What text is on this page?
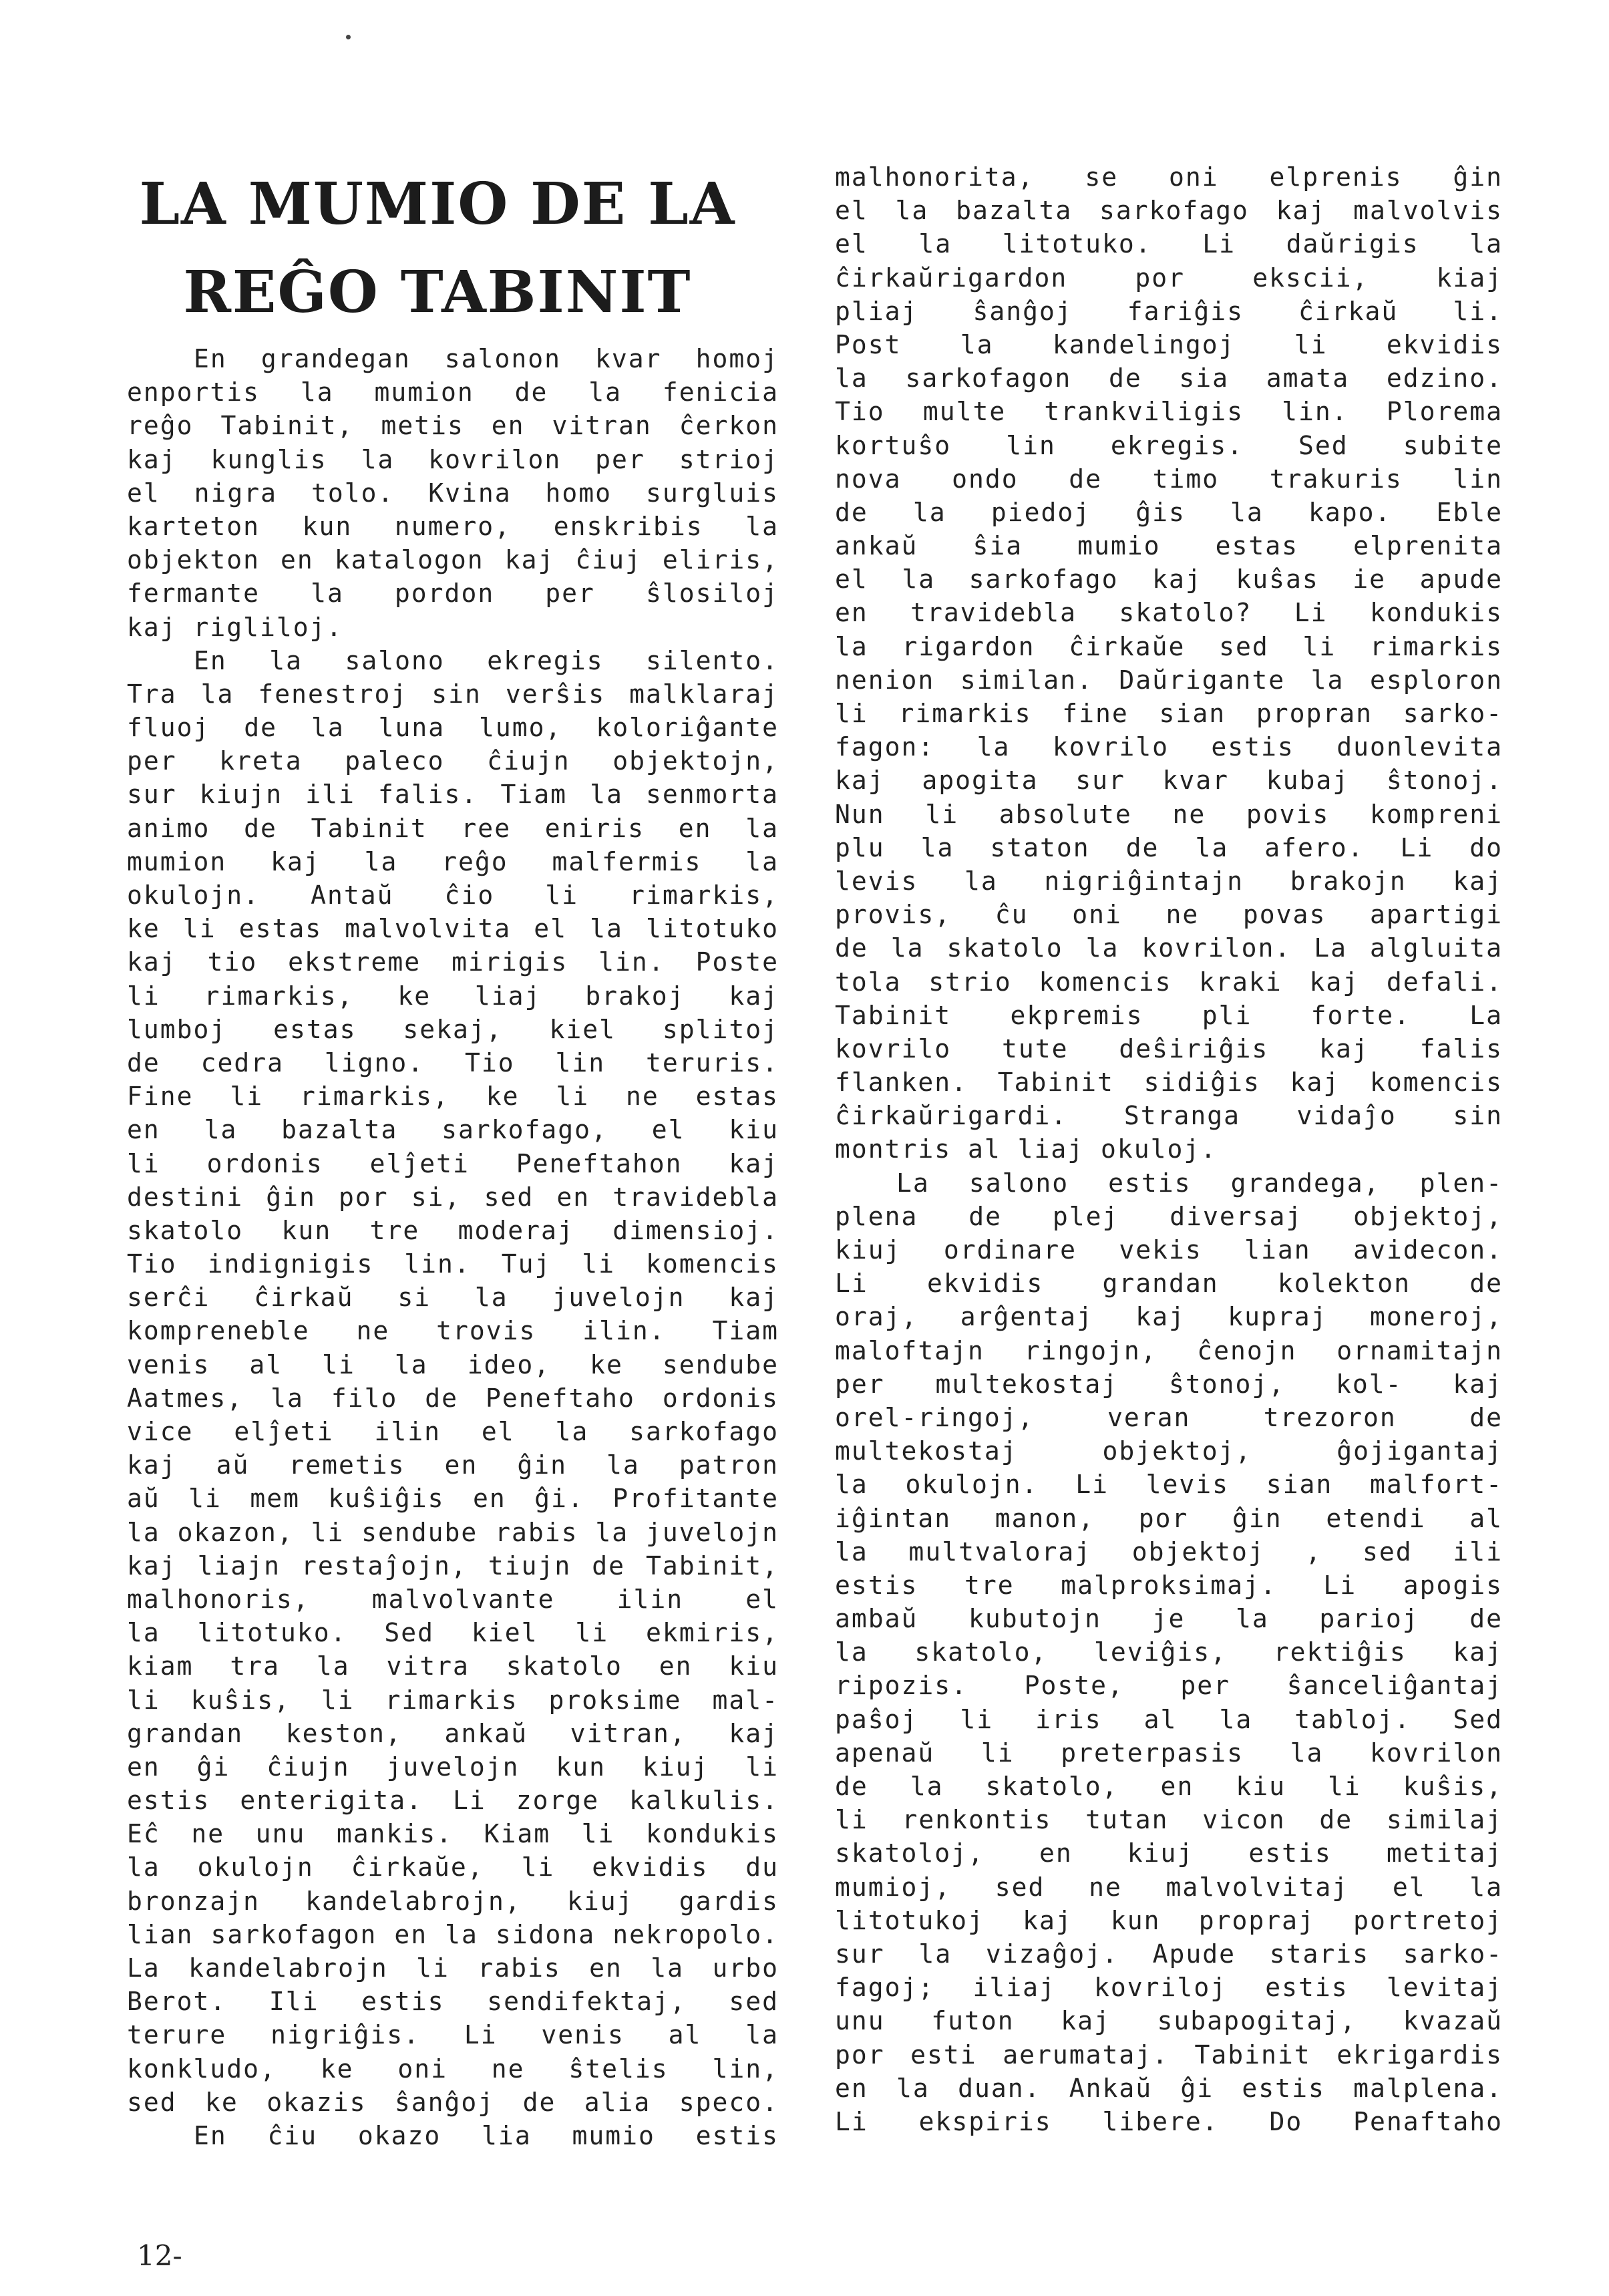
LA MUMIO DE LA
REĜO TABINIT
En grandegan salonon kvar homoj
enportis la mumion de la fenicia
reĝo Tabinit, metis en vitran ĉerkon
kaj kunglis la kovrilon per strioj
el nigra tolo. Kvina homo surgluis
karteton kun numero, enskribis la
objekton en katalogon kaj ĉiuj eliris,
fermante la pordon per ŝlosiloj
kaj rigliloj.
En la salono ekregis silento.
Tra la fenestroj sin verŝis malklaraj
fluoj de la luna lumo, koloriĝante
per kreta paleco ĉiujn objektojn,
sur kiujn ili falis. Tiam la senmorta
animo de Tabinit ree eniris en la
mumion kaj la reĝo malfermis la
okulojn. Antaŭ ĉio li rimarkis,
ke li estas malvolvita el la litotuko
kaj tio ekstreme mirigis lin. Poste
li rimarkis, ke liaj brakoj kaj
lumboj estas sekaj, kiel splitoj
de cedra ligno. Tio lin teruris.
Fine li rimarkis, ke li ne estas
en la bazalta sarkofago, el kiu
li ordonis elĵeti Peneftahon kaj
destini ĝin por si, sed en travidebla
skatolo kun tre moderaj dimensioj.
Tio indignigis lin. Tuj li komencis
serĉi ĉirkaŭ si la juvelojn kaj
kompreneble ne trovis ilin. Tiam
venis al li la ideo, ke sendube
Aatmes, la filo de Peneftaho ordonis
vice elĵeti ilin el la sarkofago
kaj aŭ remetis en ĝin la patron
aŭ li mem kuŝiĝis en ĝi. Profitante
la okazon, li sendube rabis la juvelojn
kaj liajn restaĵojn, tiujn de Tabinit,
malhonoris, malvolvante ilin el
la litotuko. Sed kiel li ekmiris,
kiam tra la vitra skatolo en kiu
li kuŝis, li rimarkis proksime mal-
grandan keston, ankaŭ vitran, kaj
en ĝi ĉiujn juvelojn kun kiuj li
estis enterigita. Li zorge kalkulis.
Eĉ ne unu mankis. Kiam li kondukis
la okulojn ĉirkaŭe, li ekvidis du
bronzajn kandelabrojn, kiuj gardis
lian sarkofagon en la sidona nekropolo.
La kandelabrojn li rabis en la urbo
Berot. Ili estis sendifektaj, sed
terure nigriĝis. Li venis al la
konkludo, ke oni ne ŝtelis lin,
sed ke okazis ŝanĝoj de alia speco.
En ĉiu okazo lia mumio estis
malhonorita, se oni elprenis ĝin
el la bazalta sarkofago kaj malvolvis
el la litotuko. Li daŭrigis la
ĉirkaŭrigardon por ekscii, kiaj
pliaj ŝanĝoj fariĝis ĉirkaŭ li.
Post la kandelingoj li ekvidis
la sarkofagon de sia amata edzino.
Tio multe trankviligis lin. Plorema
kortuŝo lin ekregis. Sed subite
nova ondo de timo trakuris lin
de la piedoj ĝis la kapo. Eble
ankaŭ ŝia mumio estas elprenita
el la sarkofago kaj kuŝas ie apude
en travidebla skatolo? Li kondukis
la rigardon ĉirkaŭe sed li rimarkis
nenion similan. Daŭrigante la esploron
li rimarkis fine sian propran sarko-
fagon: la kovrilo estis duonlevita
kaj apogita sur kvar kubaj ŝtonoj.
Nun li absolute ne povis kompreni
plu la staton de la afero. Li do
levis la nigriĝintajn brakojn kaj
provis, ĉu oni ne povas apartigi
de la skatolo la kovrilon. La algluita
tola strio komencis kraki kaj defali.
Tabinit ekpremis pli forte. La
kovrilo tute deŝiriĝis kaj falis
flanken. Tabinit sidiĝis kaj komencis
ĉirkaŭrigardi. Stranga vidaĵo sin
montris al liaj okuloj.
La salono estis grandega, plen-
plena de plej diversaj objektoj,
kiuj ordinare vekis lian avidecon.
Li ekvidis grandan kolekton de
oraj, arĝentaj kaj kupraj moneroj,
maloftajn ringojn, ĉenojn ornamitajn
per multekostaj ŝtonoj, kol- kaj
orel-ringoj, veran trezoron de
multekostaj objektoj, ĝojigantaj
la okulojn. Li levis sian malfort-
iĝintan manon, por ĝin etendi al
la multvaloraj objektoj , sed ili
estis tre malproksimaj. Li apogis
ambaŭ kubutojn je la parioj de
la skatolo, leviĝis, rektiĝis kaj
ripozis. Poste, per ŝanceliĝantaj
paŝoj li iris al la tabloj. Sed
apenaŭ li preterpasis la kovrilon
de la skatolo, en kiu li kuŝis,
li renkontis tutan vicon de similaj
skatoloj, en kiuj estis metitaj
mumioj, sed ne malvolvitaj el la
litotukoj kaj kun propraj portretoj
sur la vizaĝoj. Apude staris sarko-
fagoj; iliaj kovriloj estis levitaj
unu futon kaj subapogitaj, kvazaŭ
por esti aerumataj. Tabinit ekrigardis
en la duan. Ankaŭ ĝi estis malplena.
Li ekspiris libere. Do Penaftaho
12-
